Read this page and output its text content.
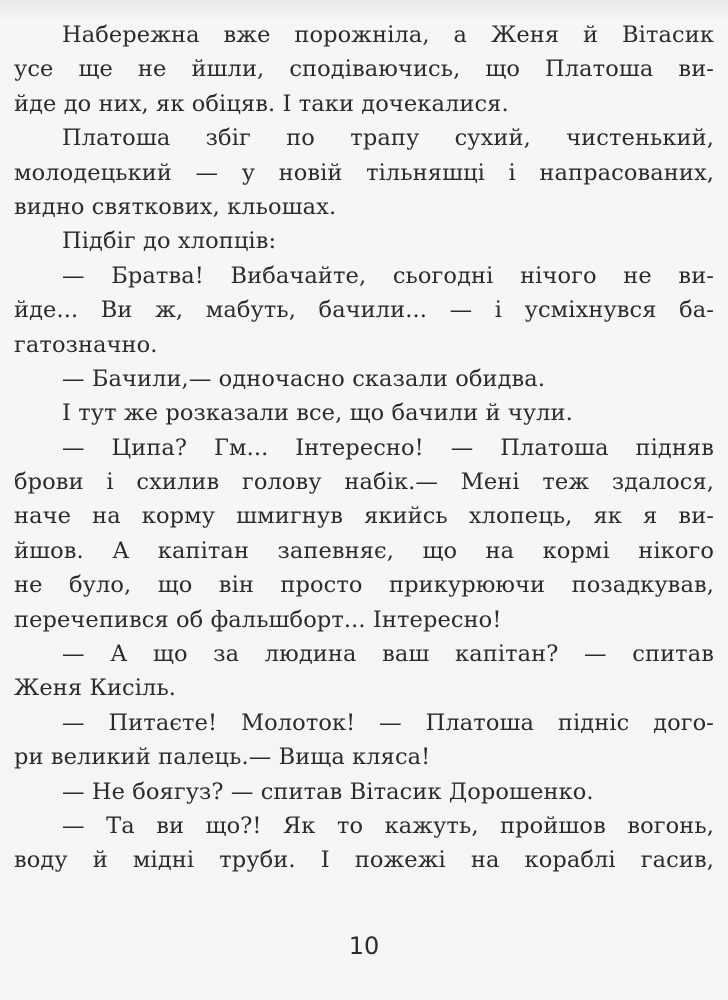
Набережна вже порожніла, а Женя й Вітасик
усе ще не йшли, сподіваючись, що Платоша ви-
йде до них, як обіцяв. І таки дочекалися.
Платоша збіг по трапу сухий, чистенький,
молодецький — у новій тільняшці і напрасованих,
видно святкових, кльошах.
Підбіг до хлопців:
— Братва! Вибачайте, сьогодні нічого не ви-
йде... Ви ж, мабуть, бачили... — і усміхнувся ба-
гатозначно.
— Бачили,— одночасно сказали обидва.
І тут же розказали все, що бачили й чули.
— Ципа? Гм... Інтересно! — Платоша підняв
брови і схилив голову набік.— Мені теж здалося,
наче на корму шмигнув якийсь хлопець, як я ви-
йшов. А капітан запевняє, що на кормі нікого
не було, що він просто прикурюючи позадкував,
перечепився об фальшборт... Інтересно!
— А що за людина ваш капітан? — спитав
Женя Кисіль.
— Питаєте! Молоток! — Платоша підніс дого-
ри великий палець.— Вища кляса!
— Не боягуз? — спитав Вітасик Дорошенко.
— Та ви що?! Як то кажуть, пройшов вогонь,
воду й мідні труби. І пожежі на кораблі гасив,
10
